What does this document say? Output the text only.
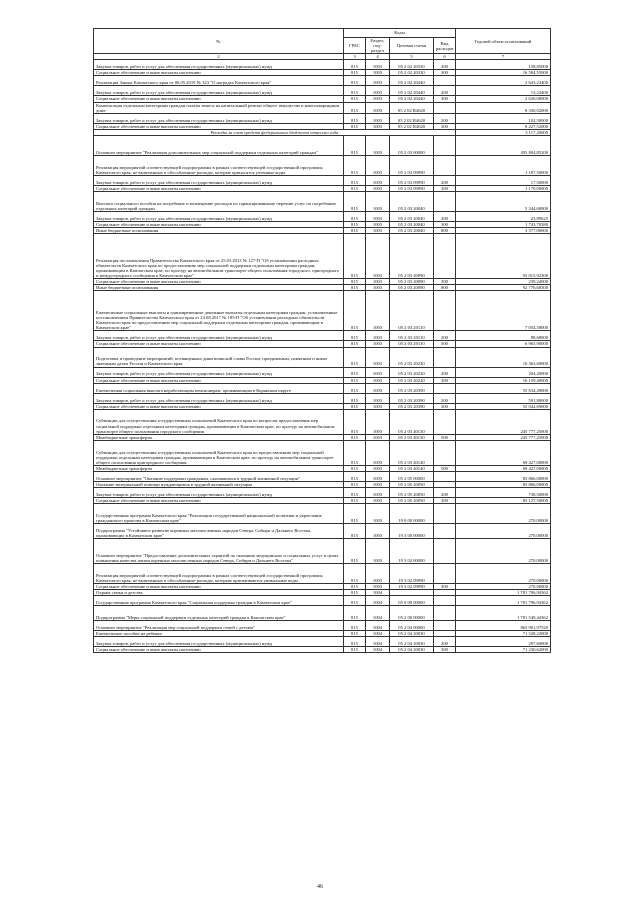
№	Коды				Годовой объем ассигнований
	ГРБС	Раздел, под-раздел	Целевая статья	Вид расходов	
2	3	4	5	6	7
Закупка товаров, работ и услуг для обеспечения государственных (муниципальных) нужд	815	1003	05 2 02 20330	200	158,85000
Социальное обеспечение и иные выплаты населению	815	1003	05 2 02 20330	300	16 584,55000
Реализация Закона Камчатского края от 06.05.2019 № 323 "О наградах Камчатского края"	815	1003	05 2 02 20440		2 643,23400
Закупка товаров, работ и услуг для обеспечения государственных (муниципальных) нужд	815	1003	05 2 02 20440	200	13,23400
Социальное обеспечение и иные выплаты населению	815	1003	05 2 02 20440	300	2 630,00000
Компенсация отдельным категориям граждан оплаты взноса на капитальный ремонт общего имущества в многоквартирном доме	815	1003	05 2 02 R4620		8 330,02000
Закупка товаров, работ и услуг для обеспечения государственных (муниципальных) нужд	815	1003	05 2 02 R4620	200	102,50000
Социальное обеспечение и иные выплаты населению	815	1003	05 2 02 R4620	300	8 227,52000
Расходы за счет средств федерального бюджета отнесено года					3 117,20000
Основное мероприятие "Реализация дополнительных мер социальной поддержки отдельных категорий граждан"	815	1003	05 2 03 00000		493 804,85200
Реализация мероприятий соответствующей подпрограммы в рамках соответствующей государственной программы Камчатского края, не включенных в обособленные расходы, которые приносятся учтенные коды	815	1003	05 2 03 09990		1 187,50000
Закупка товаров, работ и услуг для обеспечения государственных (муниципальных) нужд	815	1003	05 2 03 09990	200	17,50000
Социальное обеспечение и иные выплаты населению	815	1003	05 2 03 09990	300	1 170,00000
Выплата социального пособия на погребение и возмещение расходов по гарантированному перечню услуг по погребению отдельных категорий граждан	815	1003	05 2 03 20040		5 344,60000
Закупка товаров, работ и услуг для обеспечения государственных (муниципальных) нужд	815	1003	05 2 03 20040	200	23,89625
Социальное обеспечение и иные выплаты населению	815	1003	05 2 03 20040	300	1 743,70380
Иные бюджетные ассигнования	815	1003	05 2 03 20040	800	3 577,00000
Реализация постановления Правительства Камчатского края от 25.03.2013 № 127-П "Об установлении расходных обязательств Камчатского края по предоставлению мер социальной поддержки отдельным категориям граждан, проживающим в Камчатском крае, по проезду на автомобильном транспорте общего пользования городского, пригородного и междугородного сообщения в Камчатском крае"	815	1003	05 2 03 20090		93 015,92300
Социальное обеспечение и иные выплаты населению	815	1003	05 2 03 20090	300	239,24000
Иные бюджетные ассигнования	815	1003	05 2 03 20090	800	92 776,68300
Ежемесячные социальные выплаты и единовременные денежные выплаты отдельным категориям граждан, установленные постановлением Правительства Камчатского края от 23.08.2017 № 185-П "Об установлении расходных обязательств Камчатского края по предоставлению мер социальной поддержки отдельным категориям граждан, проживающим в Камчатском крае"	815	1003	05 2 03 20110		7 054,58000
Закупка товаров, работ и услуг для обеспечения государственных (муниципальных) нужд	815	1003	05 2 03 20110	200	88,68000
Социальное обеспечение и иные выплаты населению	815	1003	05 2 03 20110	300	6 965,90000
Подготовка и проведение мероприятий, посвященных дням воинской славы России, праздничным, памятным и иным значимым датам России и Камчатского края	815	1003	05 2 03 20220		16 363,60000
Закупка товаров, работ и услуг для обеспечения государственных (муниципальных) нужд	815	1003	05 2 03 20220	200	204,20000
Социальное обеспечение и иные выплаты населению	815	1003	05 2 03 20220	300	16 159,40000
Ежемесячная социальная выплата неработающим пенсионерам, проживающим в Корякском округе	815	1003	05 2 03 20390		55 634,49000
Закупка товаров, работ и услуг для обеспечения государственных (муниципальных) нужд	815	1003	05 2 03 20390	200	591,80000
Социальное обеспечение и иные выплаты населению	815	1003	05 2 03 20390	300	55 042,69000
Субвенции для осуществления государственных полномочий Камчатского края по вопросам предоставления мер социальной поддержки отдельным категориям граждан, проживающим в Камчатском крае, по проезду на автомобильном транспорте общего пользования городского сообщения	815	1003	05 2 03 40130		245 777,25000
Межбюджетные трансферты	815	1003	05 2 03 40130	500	245 777,25000
Субвенции для осуществления государственных полномочий Камчатского края по предоставлению мер социальной поддержки отдельным категориям граждан, проживающим в Камчатском крае, по проезду на автомобильном транспорте общего пользования пригородного сообщения	815	1003	05 2 03 40140		69 427,00000
Межбюджетные трансферты	815	1003	05 2 03 40140	500	69 427,00000
Основное мероприятие "Оказание поддержки гражданам, оказавшимся в трудной жизненной ситуации"	815	1003	05 2 05 00000		83 866,00000
Оказание материальной помощи нуждающимся в трудной жизненной ситуации	815	1003	05 2 05 20050		83 866,00000
Закупка товаров, работ и услуг для обеспечения государственных (муниципальных) нужд	815	1003	05 2 05 20050	200	738,50000
Социальное обеспечение и иные выплаты населению	815	1003	05 2 05 20050	300	83 127,50000
Государственная программа Камчатского края "Реализация государственной национальной политики и укрепление гражданского единства в Камчатском крае"	815	1003	19 0 00 00000		270,00000
Подпрограмма "Устойчивое развитие коренных малочисленных народов Севера, Сибири и Дальнего Востока, проживающих в Камчатском крае"	815	1003	19 3 00 00000		270,00000
Основное мероприятие "Предоставление дополнительных гарантий по оказанию медицинских и социальных услуг и целях повышения качества жизни коренных малочисленных народов Севера, Сибири и Дальнего Востока"	815	1003	19 3 02 00000		270,00000
Реализация мероприятий соответствующей подпрограммы в рамках соответствующей государственной программы Камчатского края, не включенных в обособленные расходы, которым присваиваются уникальные коды	815	1003	19 3 02 09990		270,00000
Социальное обеспечение и иные выплаты населению	815	1003	19 3 02 09990	300	270,00000
Охрана семьи и детства	815	1004			1 781 796,94362
Государственная программа Камчатского края "Социальная поддержка граждан в Камчатском крае"	815	1004	05 0 00 00000		1 781 796,94362
Подпрограмма "Меры социальной поддержки отдельных категорий граждан в Камчатском крае"	815	1004	05 2 00 00000		1 781 549,44362
Основное мероприятие "Реализация мер социальной поддержки семей с детьми"	815	1004	05 2 04 00000		863 901,97520
Ежемесячное пособие на ребенка	815	1004	05 2 04 20030		71 528,22000
Закупка товаров, работ и услуг для обеспечения государственных (муниципальных) нужд	815	1004	05 2 04 20030	200	297,60000
Социальное обеспечение и иные выплаты населению	815	1004	05 2 04 20030	300	71 230,62000
46
